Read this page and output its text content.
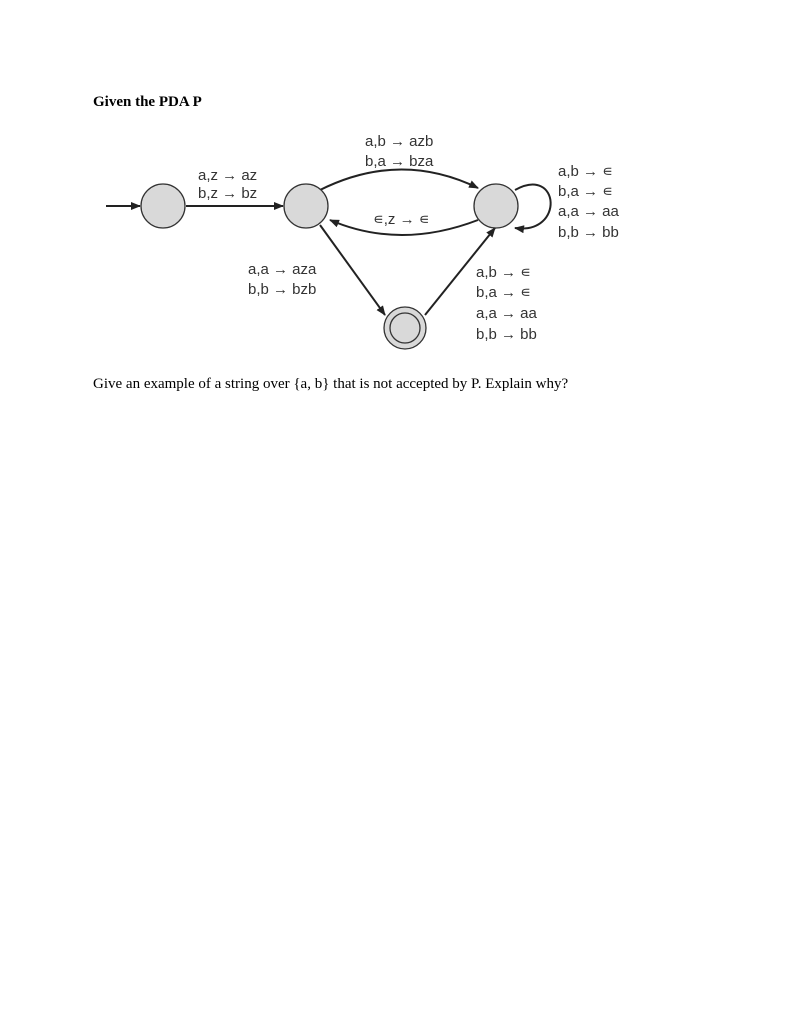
Given the PDA P
a,z → az
b,z → bz
a,b → azb
b,a → bza
∊,z → ∊
a,b → ∊
b,a → ∊
a,a → aa
b,b → bb
a,a → aza
b,b → bzb
a,b → ∊
b,a → ∊
a,a → aa
b,b → bb
Give an example of a string over {a, b} that is not accepted by P. Explain why?
